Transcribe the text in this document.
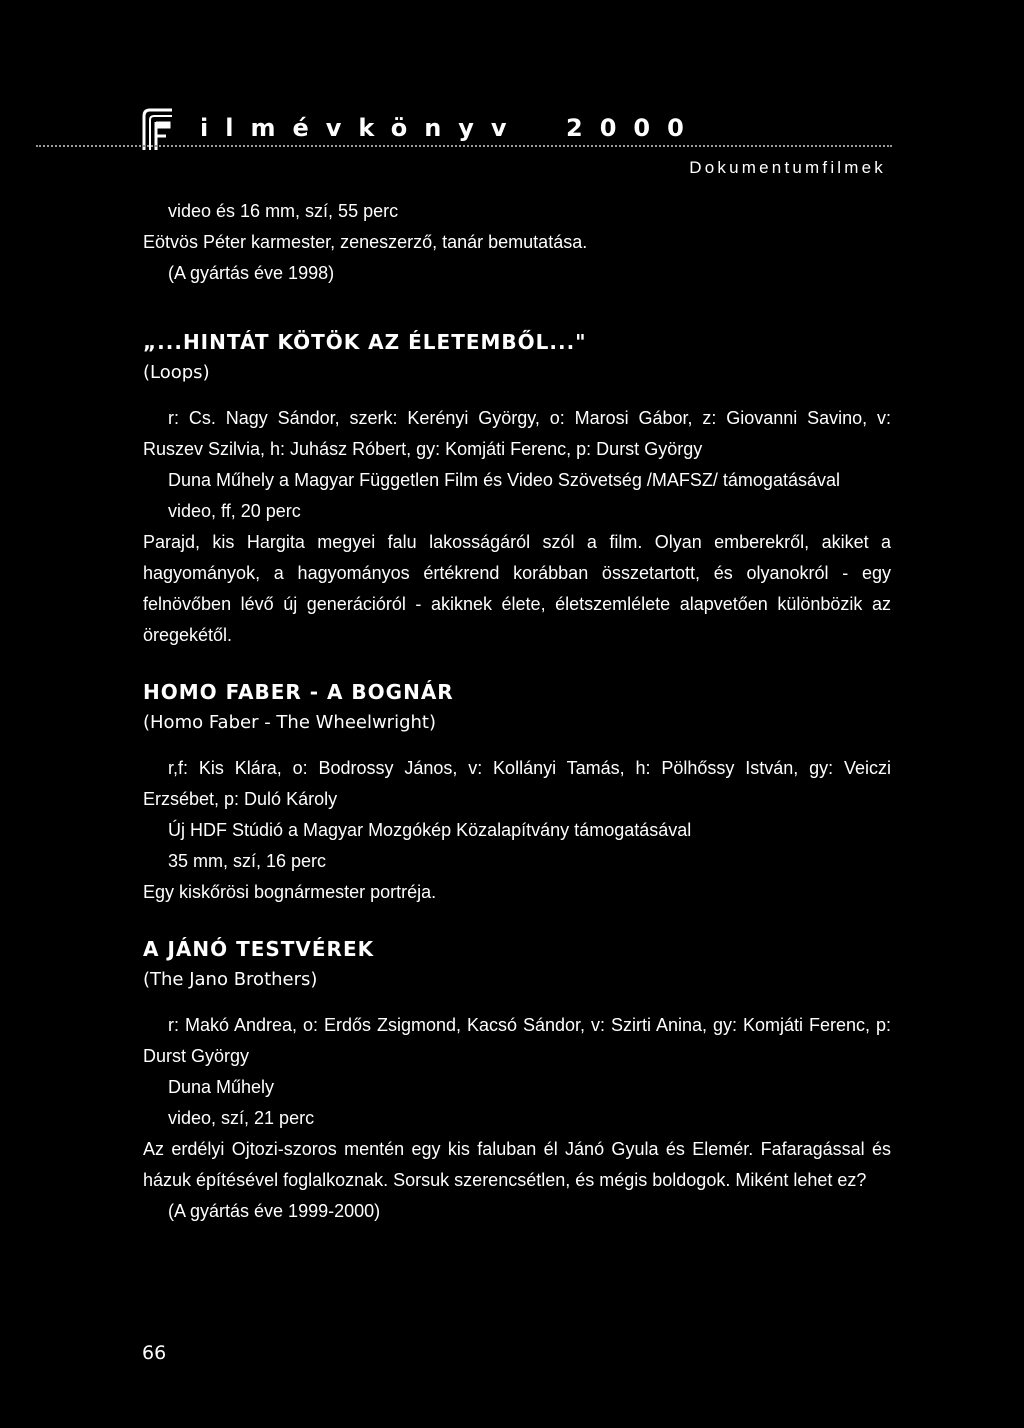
ilmévkönyv 2000
Dokumentumfilmek

video és 16 mm, szí, 55 perc

Eötvös Péter karmester, zeneszerző, tanár bemutatása.

(A gyártás éve 1998)

„...HINTÁT KÖTÖK AZ ÉLETEMBŐL..."

(Loops)

r: Cs. Nagy Sándor, szerk: Kerényi György, o: Marosi Gábor, z: Giovanni Savino, v: Ruszev Szilvia, h: Juhász Róbert, gy: Komjáti Ferenc, p: Durst György

Duna Műhely a Magyar Független Film és Video Szövetség /MAFSZ/ támogatásával

video, ff, 20 perc

Parajd, kis Hargita megyei falu lakosságáról szól a film. Olyan emberekről, akiket a hagyományok, a hagyományos értékrend korábban összetartott, és olyanokról - egy felnövőben lévő új generációról - akiknek élete, életszemlélete alapvetően különbözik az öregekétől.

HOMO FABER - A BOGNÁR

(Homo Faber - The Wheelwright)

r,f: Kis Klára, o: Bodrossy János, v: Kollányi Tamás, h: Pölhőssy István, gy: Veiczi Erzsébet, p: Duló Károly

Új HDF Stúdió a Magyar Mozgókép Közalapítvány támogatásával

35 mm, szí, 16 perc

Egy kiskőrösi bognármester portréja.

A JÁNÓ TESTVÉREK

(The Jano Brothers)

r: Makó Andrea, o: Erdős Zsigmond, Kacsó Sándor, v: Szirti Anina, gy: Komjáti Ferenc, p: Durst György

Duna Műhely

video, szí, 21 perc

Az erdélyi Ojtozi-szoros mentén egy kis faluban él Jánó Gyula és Elemér. Fafaragással és házuk építésével foglalkoznak. Sorsuk szerencsétlen, és mégis boldogok. Miként lehet ez?

(A gyártás éve 1999-2000)

66
